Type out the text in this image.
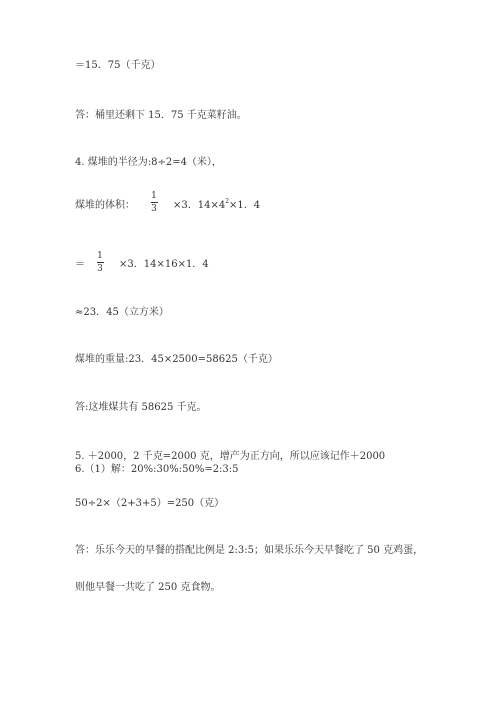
＝15．75（千克）
答：桶里还剩下 15．75 千克菜籽油。
4. 煤堆的半径为:8÷2=4（米），
煤堆的体积：
1
3 ×3．$14\times 4^2\times 1$．4
＝
1
3 ×3．14×16×1．4
≈23．45（立方米）
煤堆的重量:23．45×2500=58625（千克）
答:这堆煤共有 58625 千克。
5. ＋2000，2 千克=2000 克，增产为正方向，所以应该记作＋2000
6.（1）解：20%:30%:50%=2:3:5
50÷2×（2+3+5）=250（克）
答：乐乐今天的早餐的搭配比例是 2:3:5；如果乐乐今天早餐吃了 50 克鸡蛋，
则他早餐一共吃了 250 克食物。
